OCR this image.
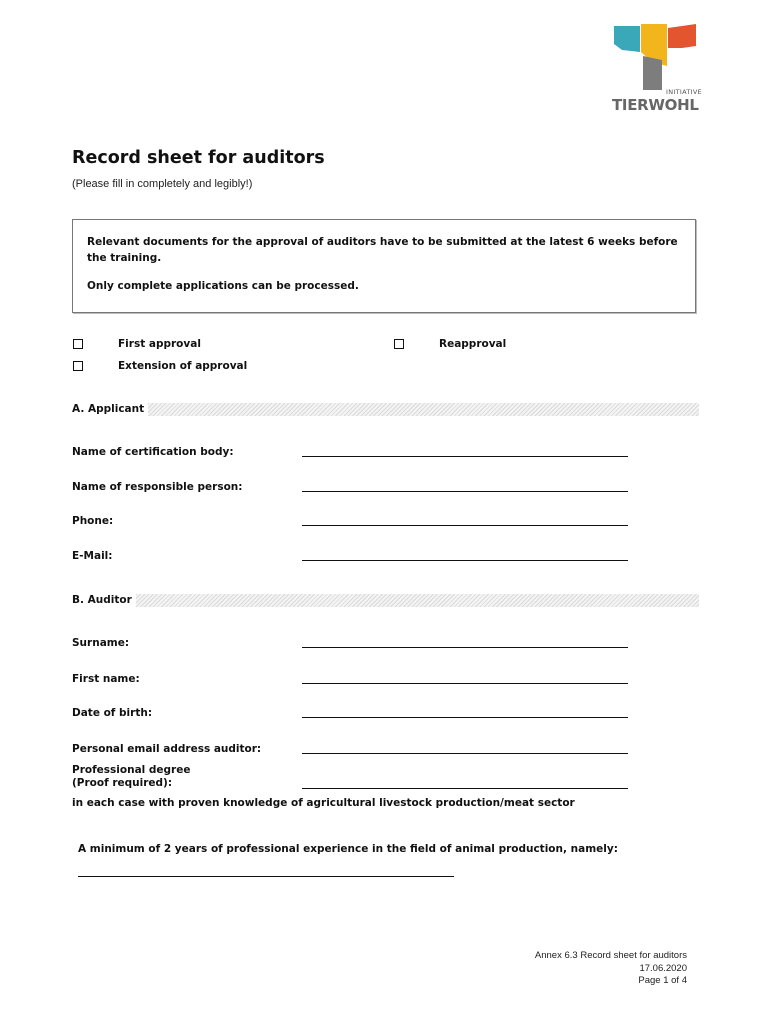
INITIATIVE
TIERWOHL
Record sheet for auditors
(Please fill in completely and legibly!)

Relevant documents for the approval of auditors have to be submitted at the latest 6 weeks before the training.

Only complete applications can be processed.

First approval	Reapproval
Extension of approval
A. Applicant
Name of certification body:
Name of responsible person:
Phone:
E-Mail:
B. Auditor
Surname:
First name:
Date of birth:
Personal email address auditor:
Professional degree
(Proof required):
in each case with proven knowledge of agricultural livestock production/meat sector
A minimum of 2 years of professional experience in the field of animal production, namely:
Annex 6.3 Record sheet for auditors
17.06.2020
Page 1 of 4
